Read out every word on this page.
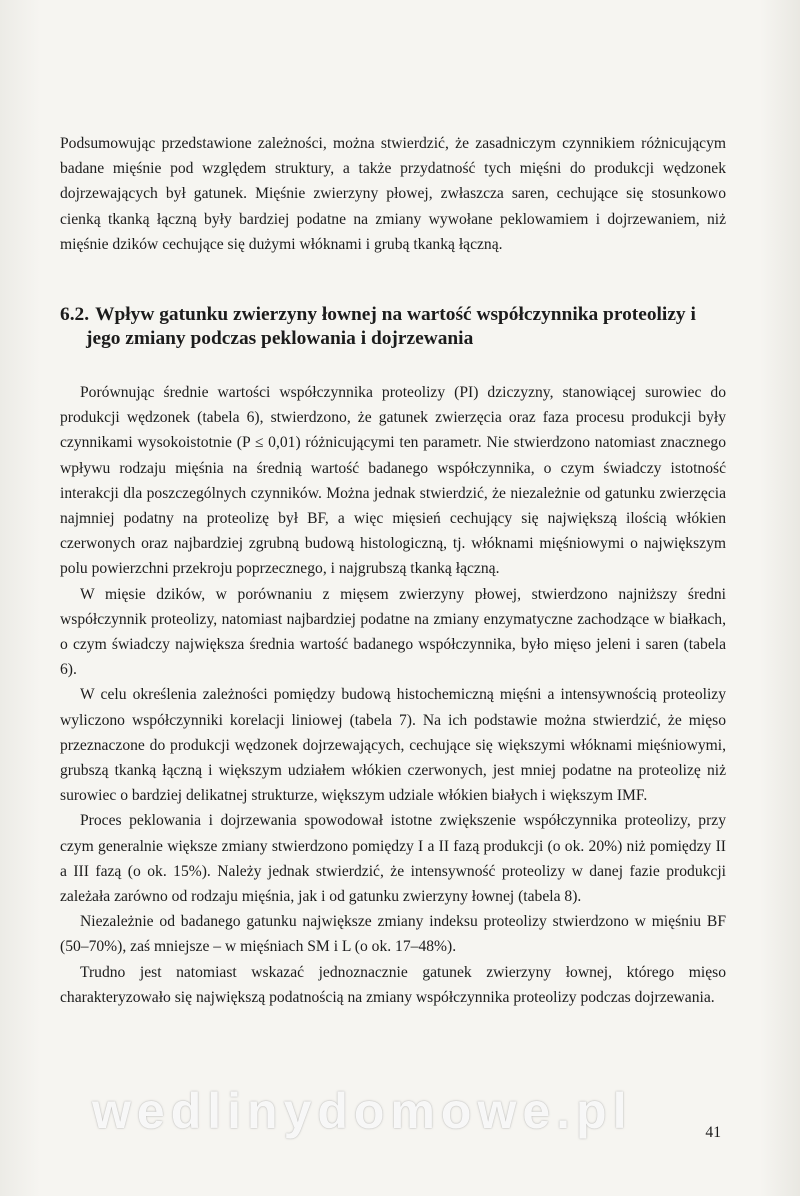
Podsumowując przedstawione zależności, można stwierdzić, że zasadniczym czynnikiem różnicującym badane mięśnie pod względem struktury, a także przydatność tych mięśni do produkcji wędzonek dojrzewających był gatunek. Mięśnie zwierzyny płowej, zwłaszcza saren, cechujące się stosunkowo cienką tkanką łączną były bardziej podatne na zmiany wywołane peklowamiem i dojrzewaniem, niż mięśnie dzików cechujące się dużymi włóknami i grubą tkanką łączną.

6.2. Wpływ gatunku zwierzyny łownej na wartość współczynnika proteolizy i jego zmiany podczas peklowania i dojrzewania

Porównując średnie wartości współczynnika proteolizy (PI) dziczyzny, stanowiącej surowiec do produkcji wędzonek (tabela 6), stwierdzono, że gatunek zwierzęcia oraz faza procesu produkcji były czynnikami wysokoistotnie (P ≤ 0,01) różnicującymi ten parametr. Nie stwierdzono natomiast znacznego wpływu rodzaju mięśnia na średnią wartość badanego współczynnika, o czym świadczy istotność interakcji dla poszczególnych czynników. Można jednak stwierdzić, że niezależnie od gatunku zwierzęcia najmniej podatny na proteolizę był BF, a więc mięsień cechujący się największą ilością włókien czerwonych oraz najbardziej zgrubną budową histologiczną, tj. włóknami mięśniowymi o największym polu powierzchni przekroju poprzecznego, i najgrubszą tkanką łączną.

W mięsie dzików, w porównaniu z mięsem zwierzyny płowej, stwierdzono najniższy średni współczynnik proteolizy, natomiast najbardziej podatne na zmiany enzymatyczne zachodzące w białkach, o czym świadczy największa średnia wartość badanego współczynnika, było mięso jeleni i saren (tabela 6).

W celu określenia zależności pomiędzy budową histochemiczną mięśni a intensywnością proteolizy wyliczono współczynniki korelacji liniowej (tabela 7). Na ich podstawie można stwierdzić, że mięso przeznaczone do produkcji wędzonek dojrzewających, cechujące się większymi włóknami mięśniowymi, grubszą tkanką łączną i większym udziałem włókien czerwonych, jest mniej podatne na proteolizę niż surowiec o bardziej delikatnej strukturze, większym udziale włókien białych i większym IMF.

Proces peklowania i dojrzewania spowodował istotne zwiększenie współczynnika proteolizy, przy czym generalnie większe zmiany stwierdzono pomiędzy I a II fazą produkcji (o ok. 20%) niż pomiędzy II a III fazą (o ok. 15%). Należy jednak stwierdzić, że intensywność proteolizy w danej fazie produkcji zależała zarówno od rodzaju mięśnia, jak i od gatunku zwierzyny łownej (tabela 8).

Niezależnie od badanego gatunku największe zmiany indeksu proteolizy stwierdzono w mięśniu BF (50–70%), zaś mniejsze – w mięśniach SM i L (o ok. 17–48%).

Trudno jest natomiast wskazać jednoznacznie gatunek zwierzyny łownej, którego mięso charakteryzowało się największą podatnością na zmiany współczynnika proteolizy podczas dojrzewania.

wedlinydomowe.pl	41
